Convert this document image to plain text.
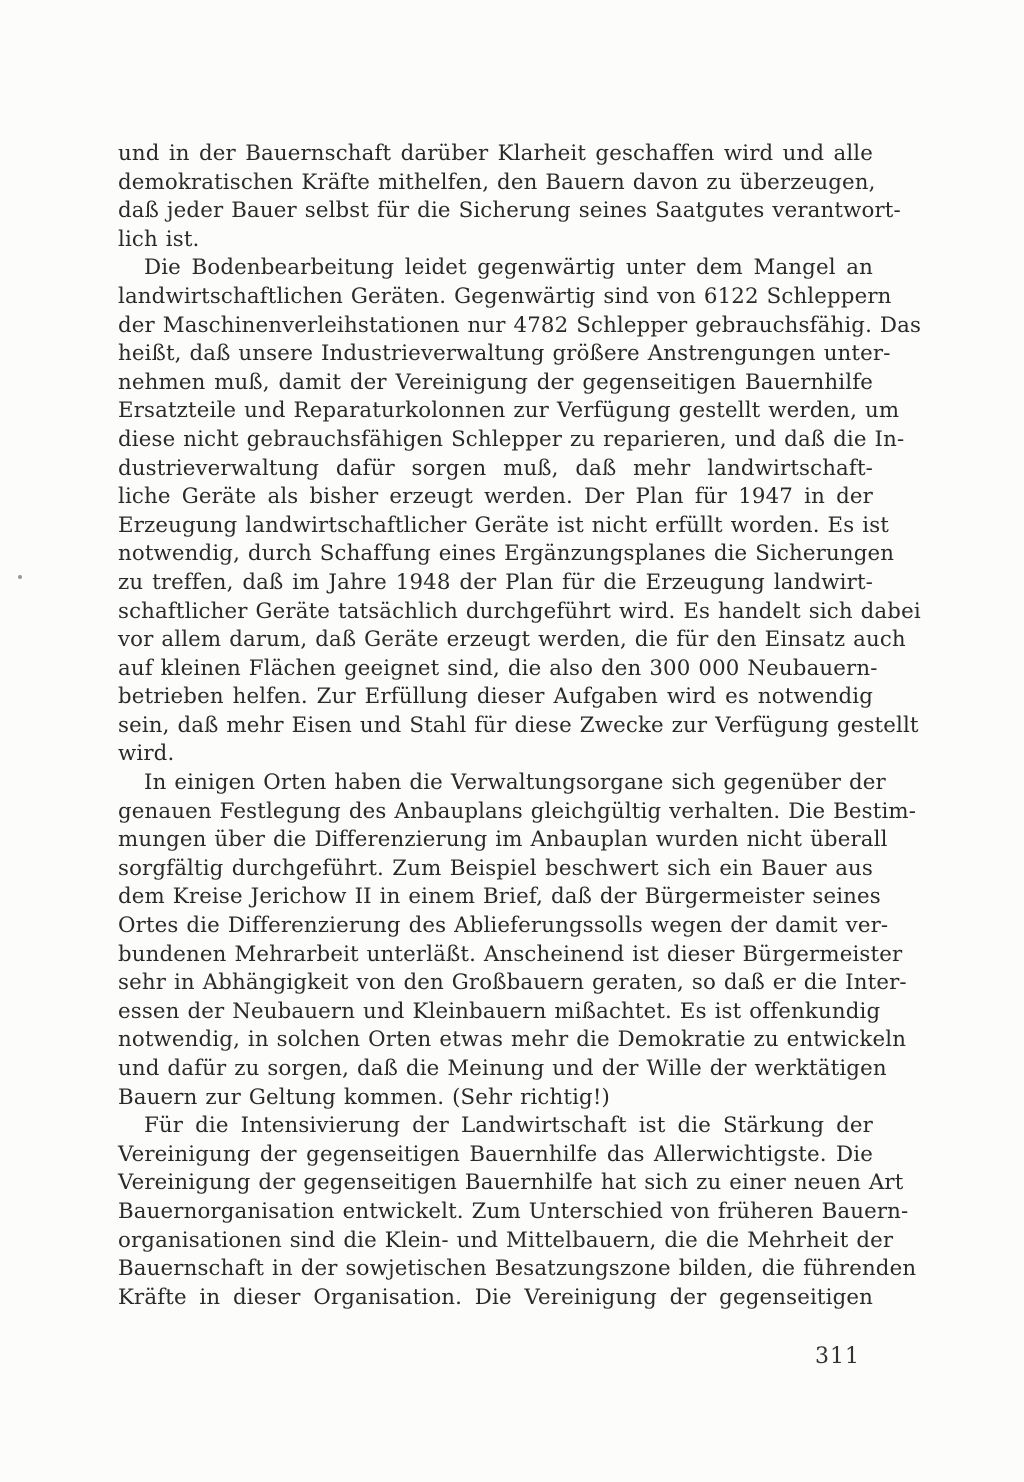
und in der Bauernschaft darüber Klarheit geschaffen wird und alle
demokratischen Kräfte mithelfen, den Bauern davon zu überzeugen,
daß jeder Bauer selbst für die Sicherung seines Saatgutes verantwort-
lich ist.

Die Bodenbearbeitung leidet gegenwärtig unter dem Mangel an
landwirtschaftlichen Geräten. Gegenwärtig sind von 6122 Schleppern
der Maschinenverleihstationen nur 4782 Schlepper gebrauchsfähig. Das
heißt, daß unsere Industrieverwaltung größere Anstrengungen unter-
nehmen muß, damit der Vereinigung der gegenseitigen Bauernhilfe
Ersatzteile und Reparaturkolonnen zur Verfügung gestellt werden, um
diese nicht gebrauchsfähigen Schlepper zu reparieren, und daß die In-
dustrieverwaltung dafür sorgen muß, daß mehr landwirtschaft-
liche Geräte als bisher erzeugt werden. Der Plan für 1947 in der
Erzeugung landwirtschaftlicher Geräte ist nicht erfüllt worden. Es ist
notwendig, durch Schaffung eines Ergänzungsplanes die Sicherungen
zu treffen, daß im Jahre 1948 der Plan für die Erzeugung landwirt-
schaftlicher Geräte tatsächlich durchgeführt wird. Es handelt sich dabei
vor allem darum, daß Geräte erzeugt werden, die für den Einsatz auch
auf kleinen Flächen geeignet sind, die also den 300 000 Neubauern-
betrieben helfen. Zur Erfüllung dieser Aufgaben wird es notwendig
sein, daß mehr Eisen und Stahl für diese Zwecke zur Verfügung gestellt
wird.

In einigen Orten haben die Verwaltungsorgane sich gegenüber der
genauen Festlegung des Anbauplans gleichgültig verhalten. Die Bestim-
mungen über die Differenzierung im Anbauplan wurden nicht überall
sorgfältig durchgeführt. Zum Beispiel beschwert sich ein Bauer aus
dem Kreise Jerichow II in einem Brief, daß der Bürgermeister seines
Ortes die Differenzierung des Ablieferungssolls wegen der damit ver-
bundenen Mehrarbeit unterläßt. Anscheinend ist dieser Bürgermeister
sehr in Abhängigkeit von den Großbauern geraten, so daß er die Inter-
essen der Neubauern und Kleinbauern mißachtet. Es ist offenkundig
notwendig, in solchen Orten etwas mehr die Demokratie zu entwickeln
und dafür zu sorgen, daß die Meinung und der Wille der werktätigen
Bauern zur Geltung kommen. (Sehr richtig!)

Für die Intensivierung der Landwirtschaft ist die Stärkung der
Vereinigung der gegenseitigen Bauernhilfe das Allerwichtigste. Die
Vereinigung der gegenseitigen Bauernhilfe hat sich zu einer neuen Art
Bauernorganisation entwickelt. Zum Unterschied von früheren Bauern-
organisationen sind die Klein- und Mittelbauern, die die Mehrheit der
Bauernschaft in der sowjetischen Besatzungszone bilden, die führenden
Kräfte in dieser Organisation. Die Vereinigung der gegenseitigen

311
